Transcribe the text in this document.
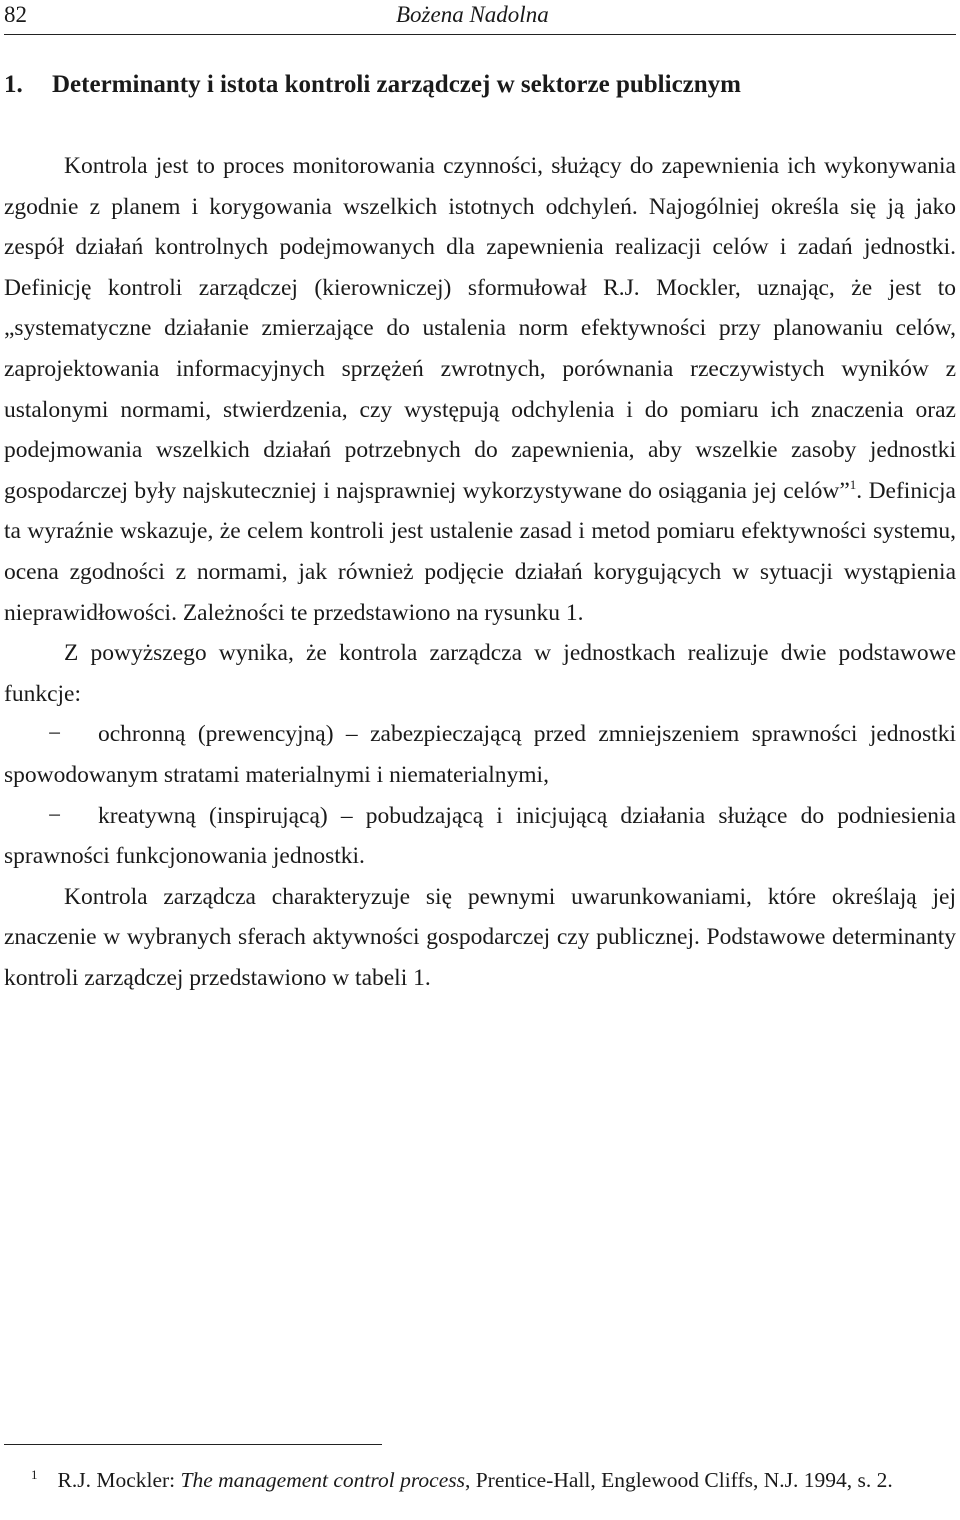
82	Bożena Nadolna
1. Determinanty i istota kontroli zarządczej w sektorze publicznym

Kontrola jest to proces monitorowania czynności, służący do zapewnienia ich wykonywania zgodnie z planem i korygowania wszelkich istotnych odchyleń. Najogólniej określa się ją jako zespół działań kontrolnych podejmowanych dla zapewnienia realizacji celów i zadań jednostki. Definicję kontroli zarządczej (kierowniczej) sformułował R.J. Mockler, uznając, że jest to „systematyczne działanie zmierzające do ustalenia norm efektywności przy planowaniu celów, zaprojektowania informacyjnych sprzężeń zwrotnych, porównania rzeczywistych wyników z ustalonymi normami, stwierdzenia, czy występują odchylenia i do pomiaru ich znaczenia oraz podejmowania wszelkich działań potrzebnych do zapewnienia, aby wszelkie zasoby jednostki gospodarczej były najskuteczniej i najsprawniej wykorzystywane do osiągania jej celów”$^1$. Definicja ta wyraźnie wskazuje, że celem kontroli jest ustalenie zasad i metod pomiaru efektywności systemu, ocena zgodności z normami, jak również podjęcie działań korygujących w sytuacji wystąpienia nieprawidłowości. Zależności te przedstawiono na rysunku 1.

Z powyższego wynika, że kontrola zarządcza w jednostkach realizuje dwie podstawowe funkcje:

− ochronną (prewencyjną) – zabezpieczającą przed zmniejszeniem sprawności jednostki spowodowanym stratami materialnymi i niematerialnymi,

− kreatywną (inspirującą) – pobudzającą i inicjującą działania służące do podniesienia sprawności funkcjonowania jednostki.

Kontrola zarządcza charakteryzuje się pewnymi uwarunkowaniami, które określają jej znaczenie w wybranych sferach aktywności gospodarczej czy publicznej. Podstawowe determinanty kontroli zarządczej przedstawiono w tabeli 1.

$^1$ R.J. Mockler: The management control process, Prentice-Hall, Englewood Cliffs, N.J. 1994, s. 2.
